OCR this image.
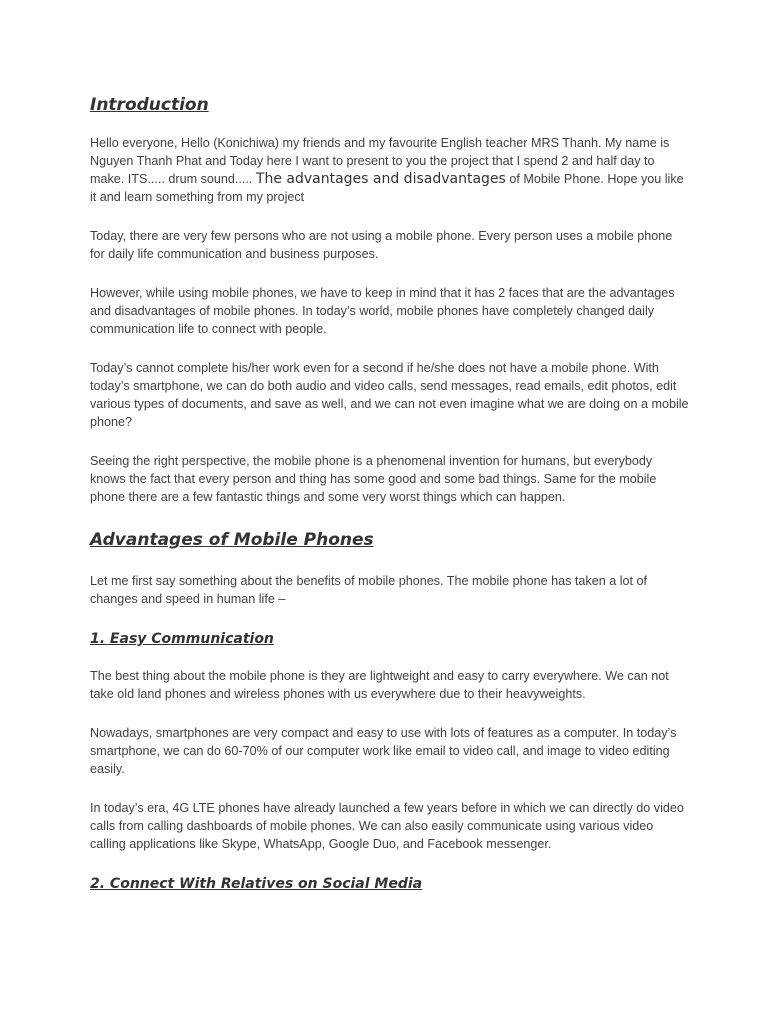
Introduction

Hello everyone, Hello (Konichiwa) my friends and my favourite English teacher MRS Thanh. My name is Nguyen Thanh Phat and Today here I want to present to you the project that I spend 2 and half day to make. ITS..... drum sound..... The advantages and disadvantages of Mobile Phone. Hope you like it and learn something from my project

Today, there are very few persons who are not using a mobile phone. Every person uses a mobile phone for daily life communication and business purposes.

However, while using mobile phones, we have to keep in mind that it has 2 faces that are the advantages and disadvantages of mobile phones. In today’s world, mobile phones have completely changed daily communication life to connect with people.

Today’s cannot complete his/her work even for a second if he/she does not have a mobile phone. With today’s smartphone, we can do both audio and video calls, send messages, read emails, edit photos, edit various types of documents, and save as well, and we can not even imagine what we are doing on a mobile phone?

Seeing the right perspective, the mobile phone is a phenomenal invention for humans, but everybody knows the fact that every person and thing has some good and some bad things. Same for the mobile phone there are a few fantastic things and some very worst things which can happen.

Advantages of Mobile Phones

Let me first say something about the benefits of mobile phones. The mobile phone has taken a lot of changes and speed in human life –

1. Easy Communication

The best thing about the mobile phone is they are lightweight and easy to carry everywhere. We can not take old land phones and wireless phones with us everywhere due to their heavyweights.

Nowadays, smartphones are very compact and easy to use with lots of features as a computer. In today’s smartphone, we can do 60-70% of our computer work like email to video call, and image to video editing easily.

In today’s era, 4G LTE phones have already launched a few years before in which we can directly do video calls from calling dashboards of mobile phones. We can also easily communicate using various video calling applications like Skype, WhatsApp, Google Duo, and Facebook messenger.

2. Connect With Relatives on Social Media
